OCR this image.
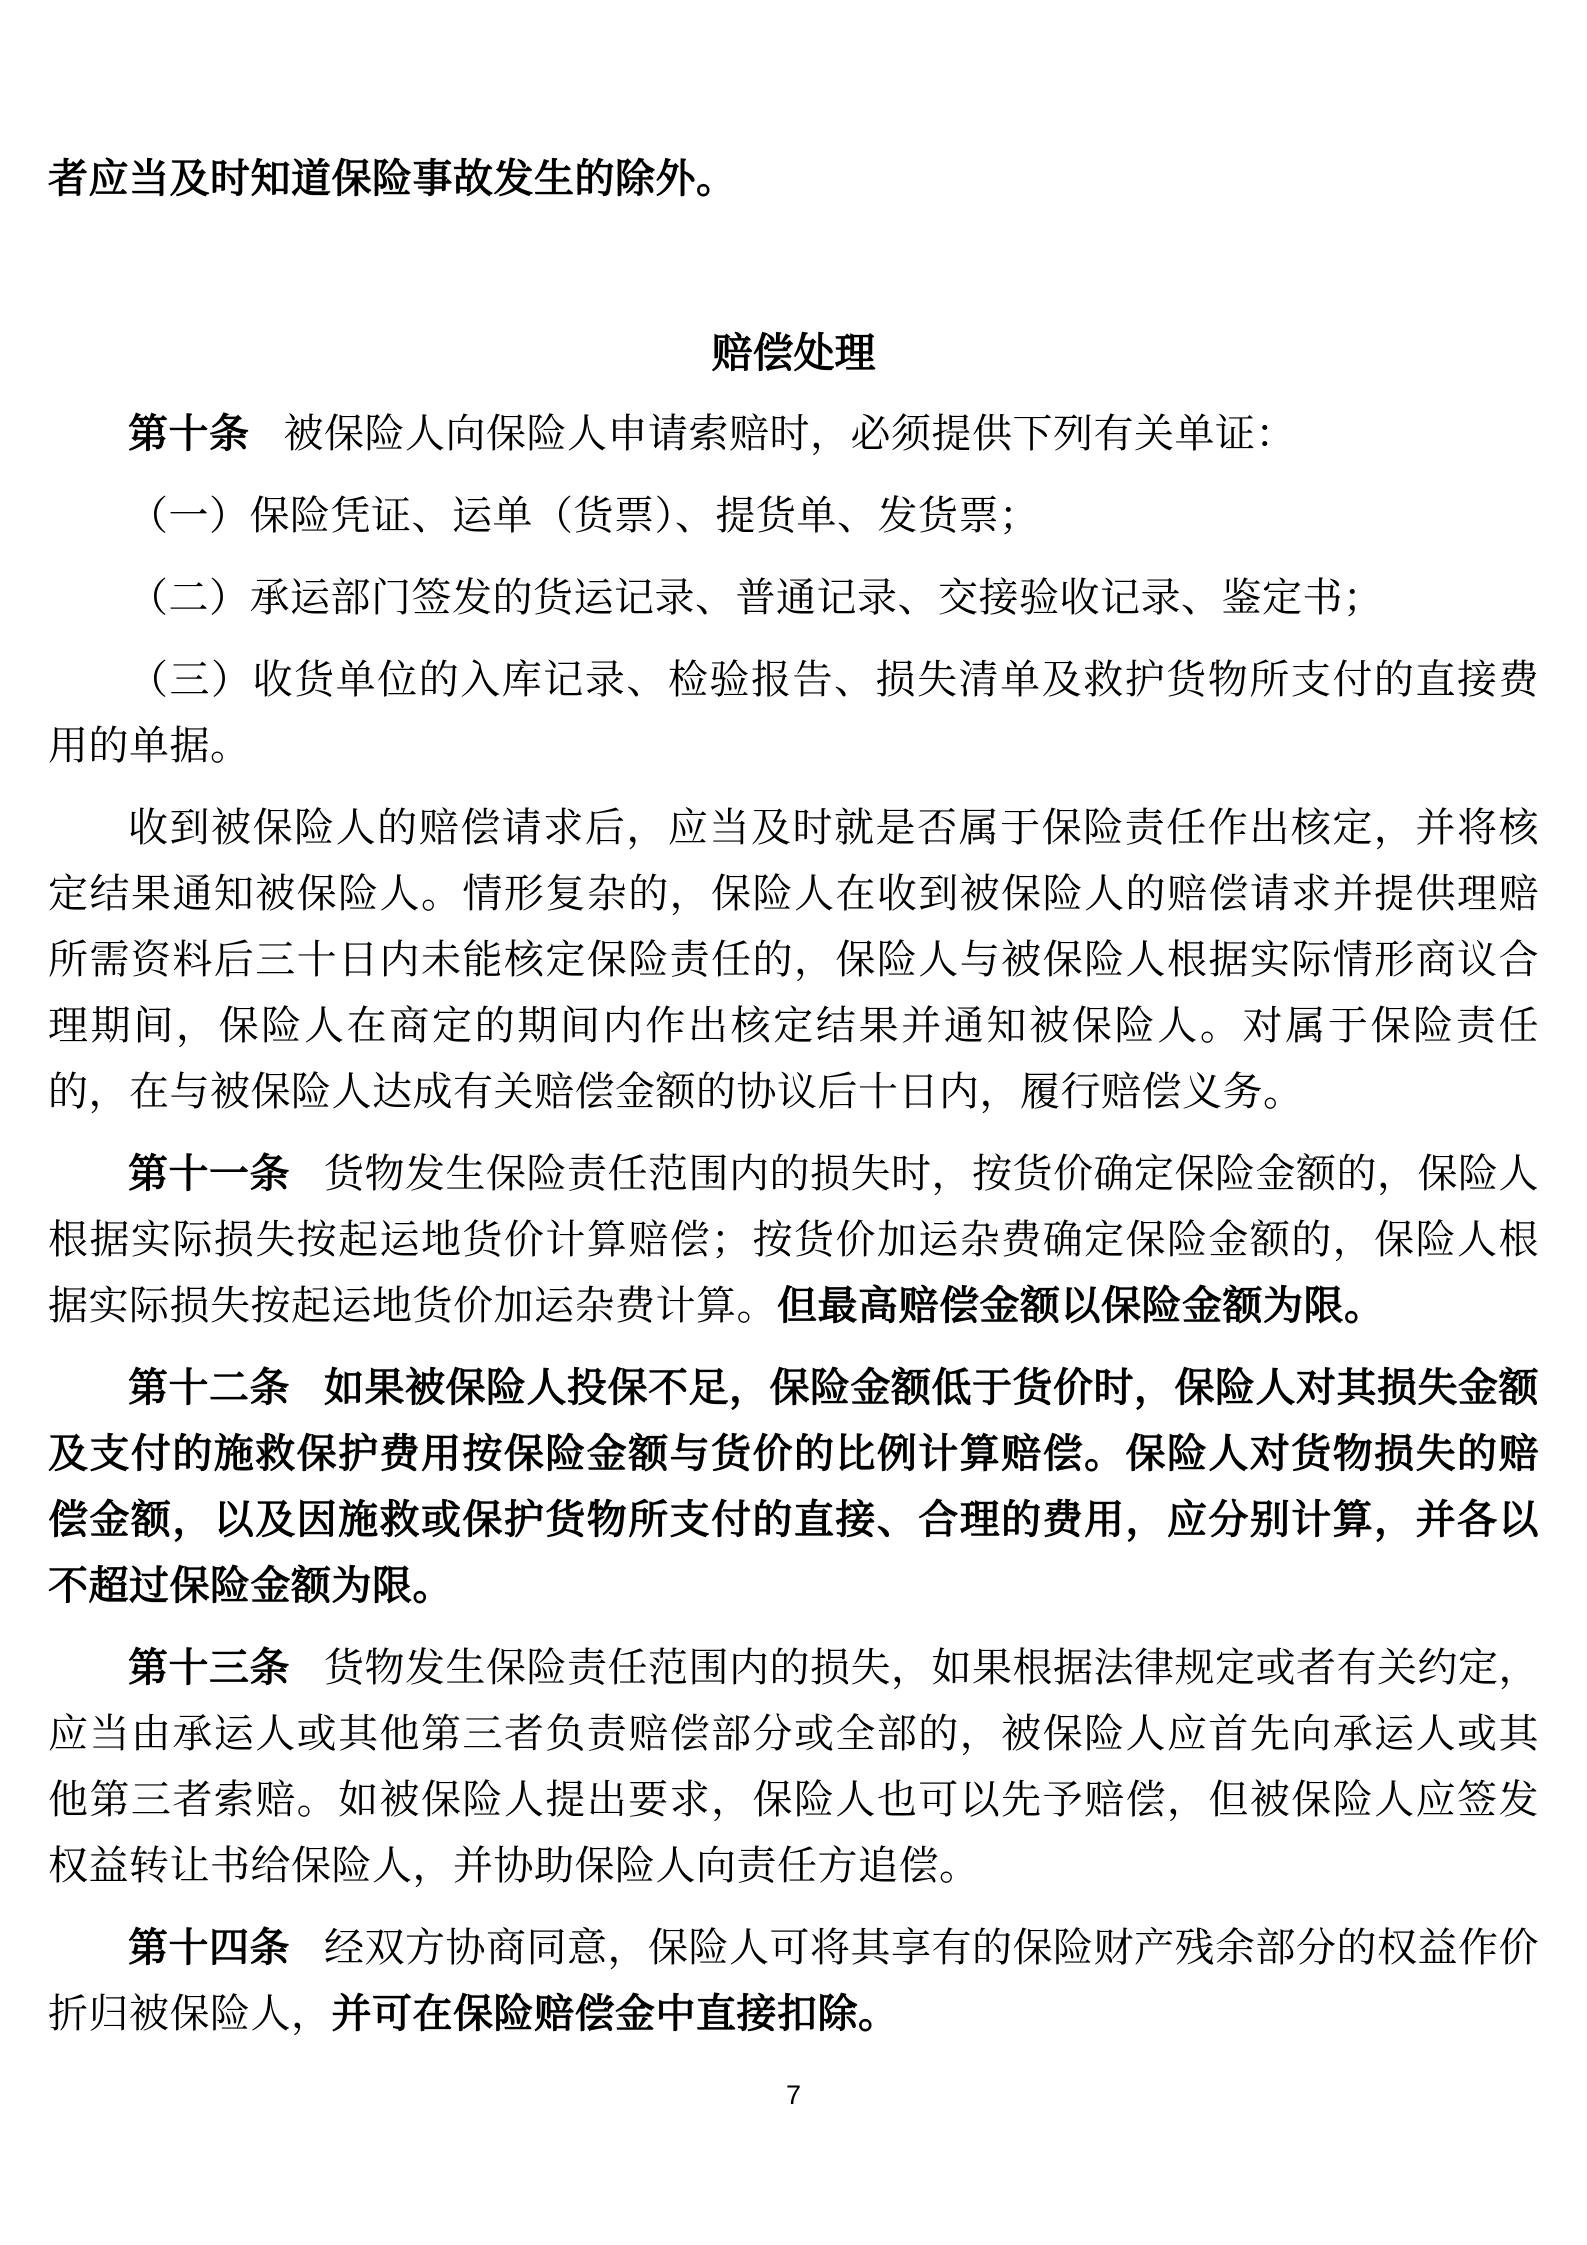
者应当及时知道保险事故发生的除外。

赔偿处理

第十条 被保险人向保险人申请索赔时，必须提供下列有关单证：

（一）保险凭证、运单（货票）、提货单、发货票；

（二）承运部门签发的货运记录、普通记录、交接验收记录、鉴定书；

（三）收货单位的入库记录、检验报告、损失清单及救护货物所支付的直接费用的单据。

收到被保险人的赔偿请求后，应当及时就是否属于保险责任作出核定，并将核定结果通知被保险人。情形复杂的，保险人在收到被保险人的赔偿请求并提供理赔所需资料后三十日内未能核定保险责任的，保险人与被保险人根据实际情形商议合理期间，保险人在商定的期间内作出核定结果并通知被保险人。对属于保险责任的，在与被保险人达成有关赔偿金额的协议后十日内，履行赔偿义务。

第十一条 货物发生保险责任范围内的损失时，按货价确定保险金额的，保险人根据实际损失按起运地货价计算赔偿；按货价加运杂费确定保险金额的，保险人根据实际损失按起运地货价加运杂费计算。但最高赔偿金额以保险金额为限。

第十二条 如果被保险人投保不足，保险金额低于货价时，保险人对其损失金额及支付的施救保护费用按保险金额与货价的比例计算赔偿。保险人对货物损失的赔偿金额，以及因施救或保护货物所支付的直接、合理的费用，应分别计算，并各以不超过保险金额为限。

第十三条 货物发生保险责任范围内的损失，如果根据法律规定或者有关约定，应当由承运人或其他第三者负责赔偿部分或全部的，被保险人应首先向承运人或其他第三者索赔。如被保险人提出要求，保险人也可以先予赔偿，但被保险人应签发权益转让书给保险人，并协助保险人向责任方追偿。

第十四条 经双方协商同意，保险人可将其享有的保险财产残余部分的权益作价折归被保险人，并可在保险赔偿金中直接扣除。

7
